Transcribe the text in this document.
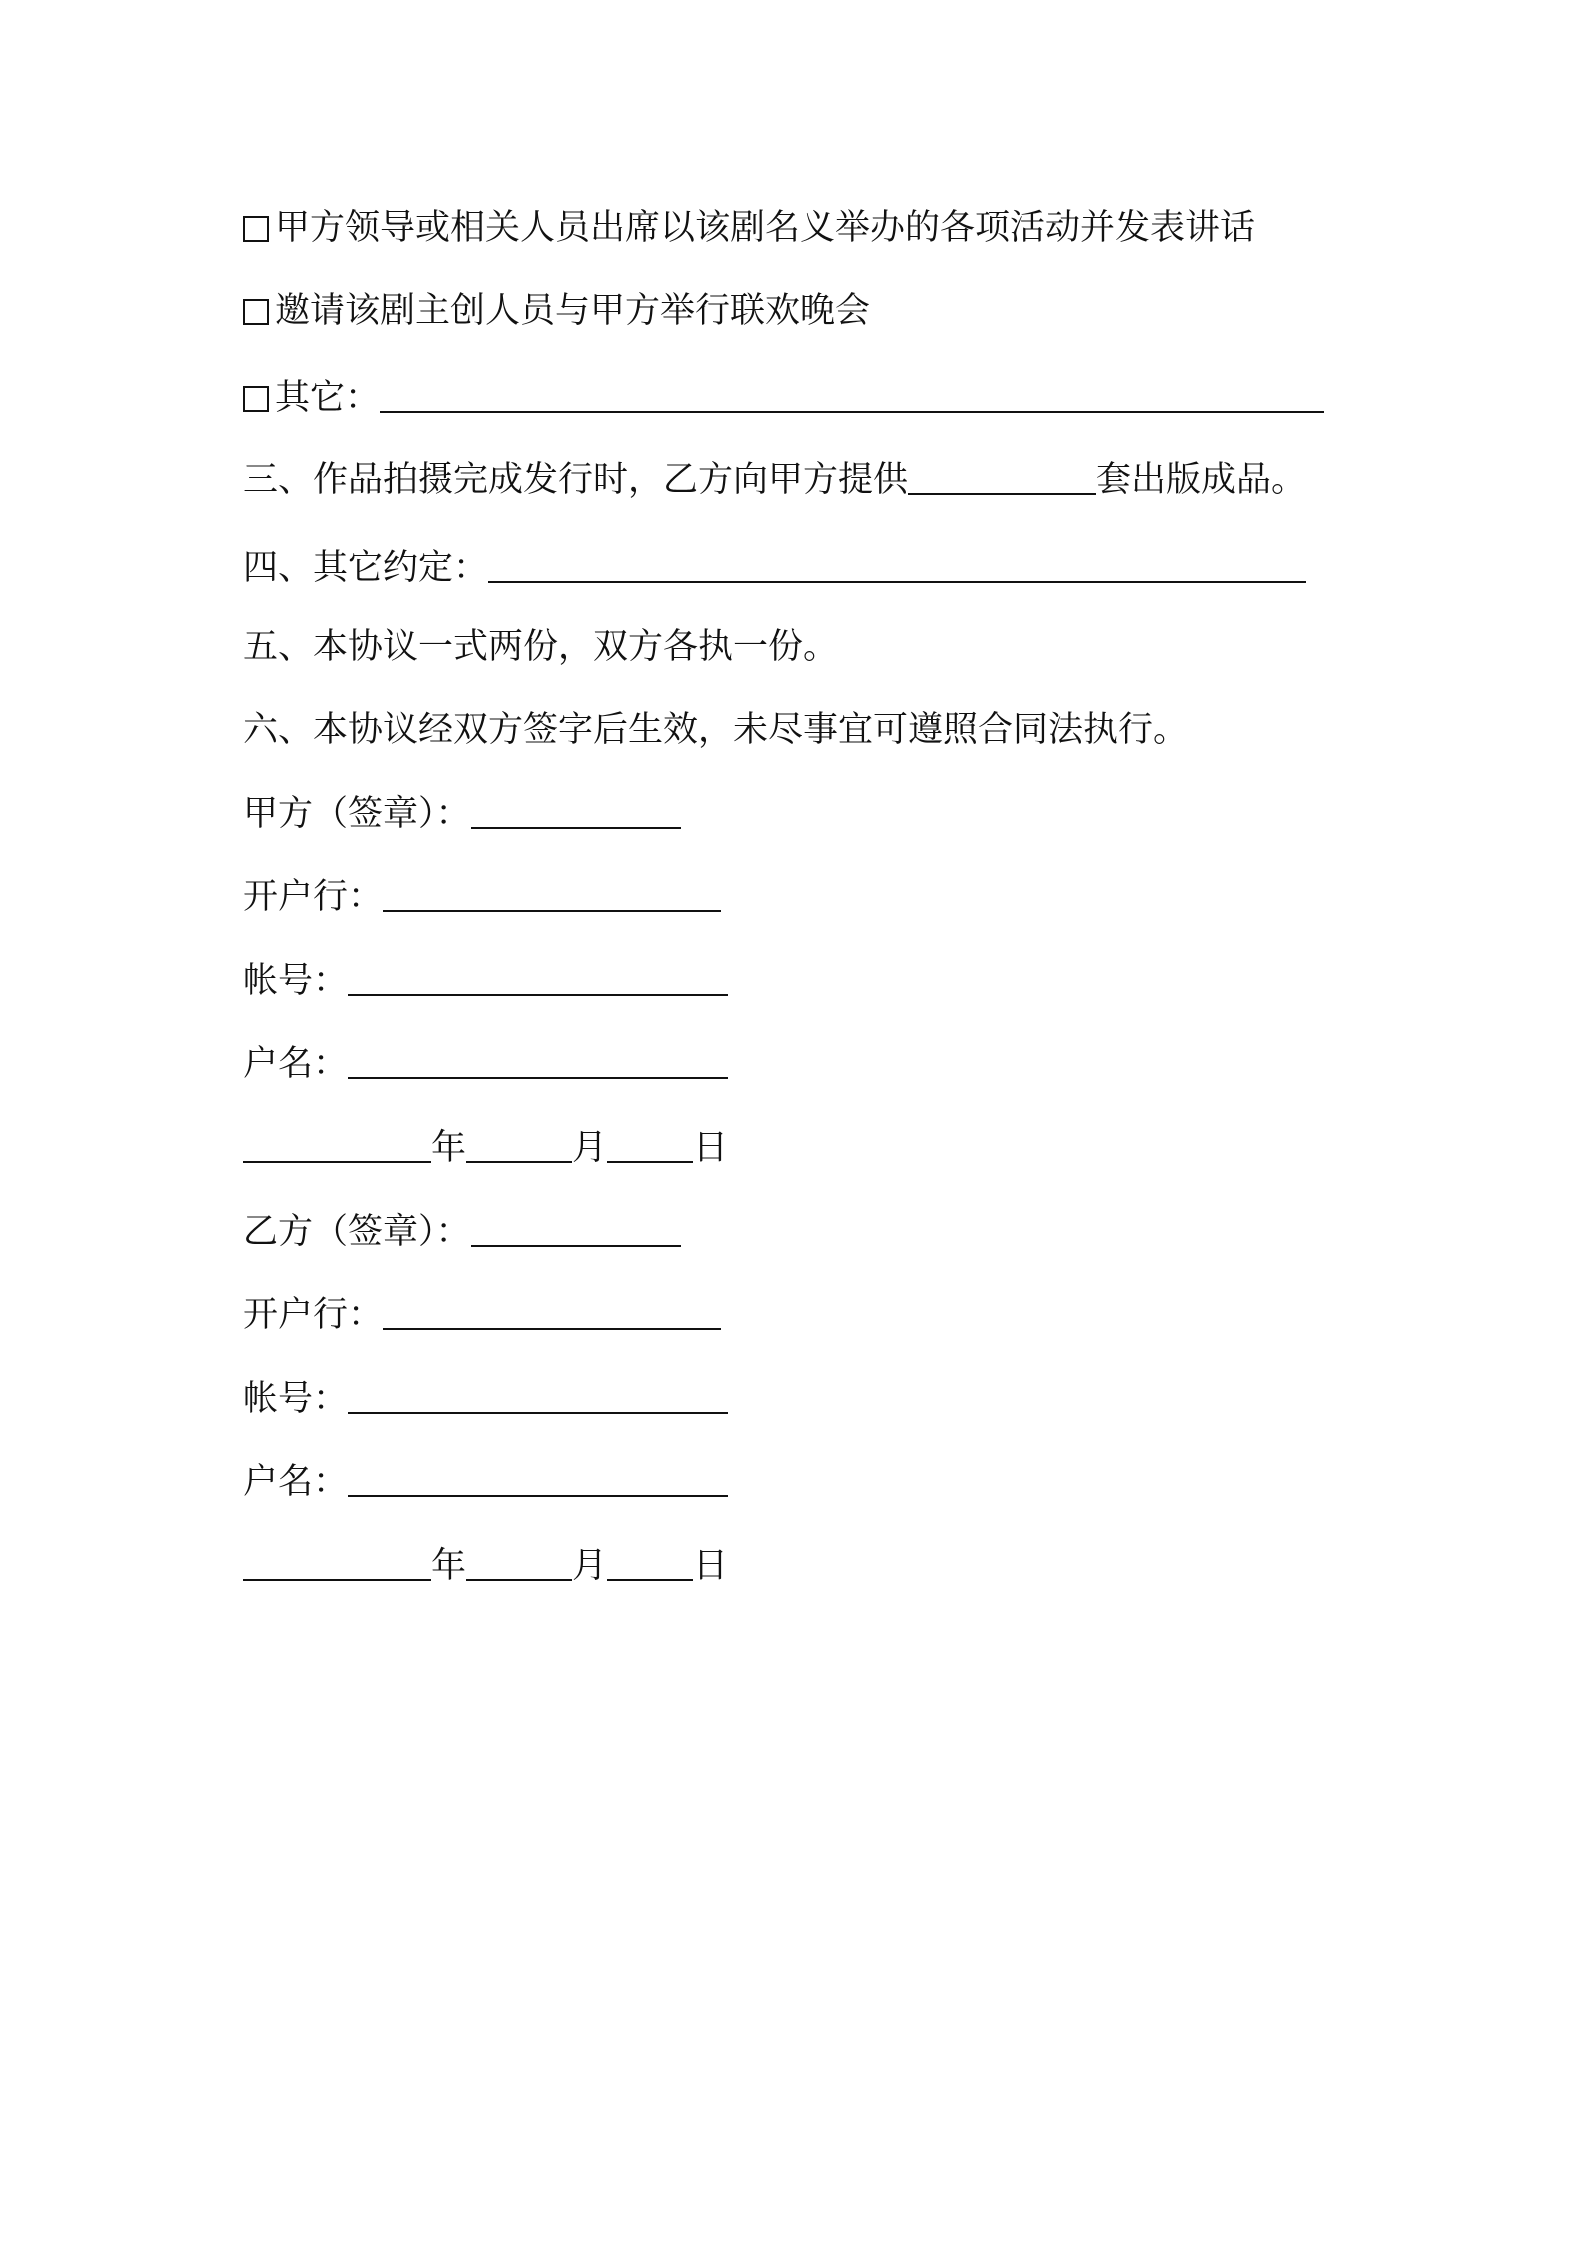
甲方领导或相关人员出席以该剧名义举办的各项活动并发表讲话
邀请该剧主创人员与甲方举行联欢晚会
其它：
三、作品拍摄完成发行时，乙方向甲方提供	套出版成品。
四、其它约定：
五、本协议一式两份，双方各执一份。
六、本协议经双方签字后生效，未尽事宜可遵照合同法执行。
甲方（签章）：
开户行：
帐号：
户名：
年	月 日
乙方（签章）：
开户行：
帐号：
户名：
年	月 日
